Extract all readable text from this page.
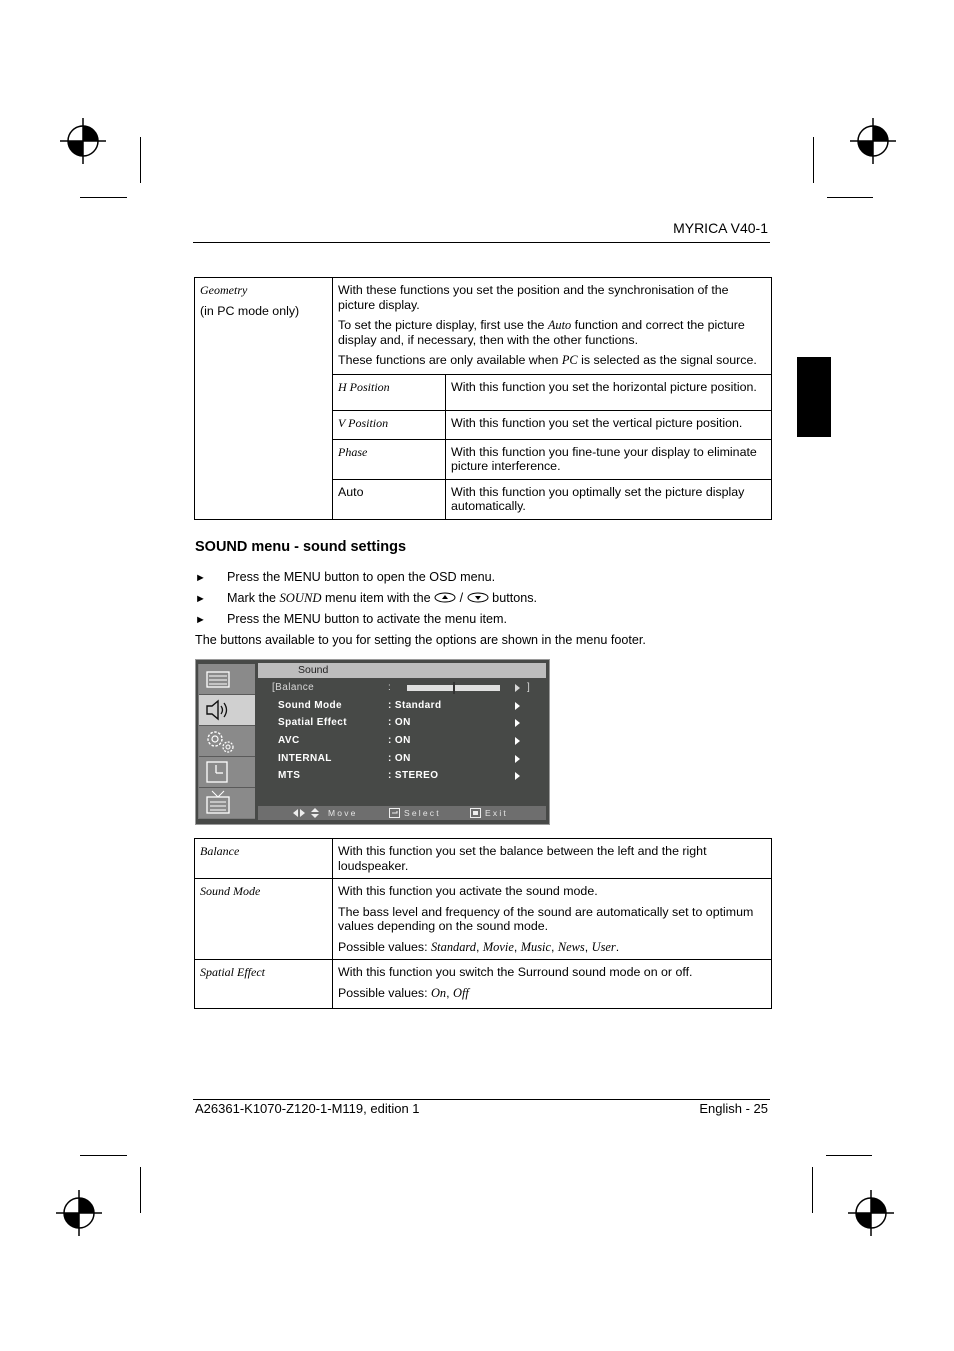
MYRICA V40-1
Geometry
(in PC mode only)

With these functions you set the position and the synchronisation of the picture display.

To set the picture display, first use the Auto function and correct the picture display and, if necessary, then with the other functions.

These functions are only available when PC is selected as the signal source.

H Position	With this function you set the horizontal picture position.
V Position	With this function you set the vertical picture position.
Phase	With this function you fine-tune your display to eliminate picture interference.
Auto	With this function you optimally set the picture display automatically.
SOUND menu - sound settings
► Press the MENU button to open the OSD menu.
► Mark the SOUND menu item with the  /  buttons.
► Press the MENU button to activate the menu item.
The buttons available to you for setting the options are shown in the menu footer.
Sound
[Balance	:	]
Sound Mode	: Standard
Spatial Effect	: ON
AVC	: ON
INTERNAL	: ON
MTS	: STEREO
Move	Select	Exit
Balance	With this function you set the balance between the left and the right loudspeaker.
Sound Mode	With this function you activate the sound mode.

The bass level and frequency of the sound are automatically set to optimum values depending on the sound mode.

Possible values: Standard, Movie, Music, News, User.

Spatial Effect	With this function you switch the Surround sound mode on or off.

Possible values: On, Off

A26361-K1070-Z120-1-M119, edition 1	English - 25
